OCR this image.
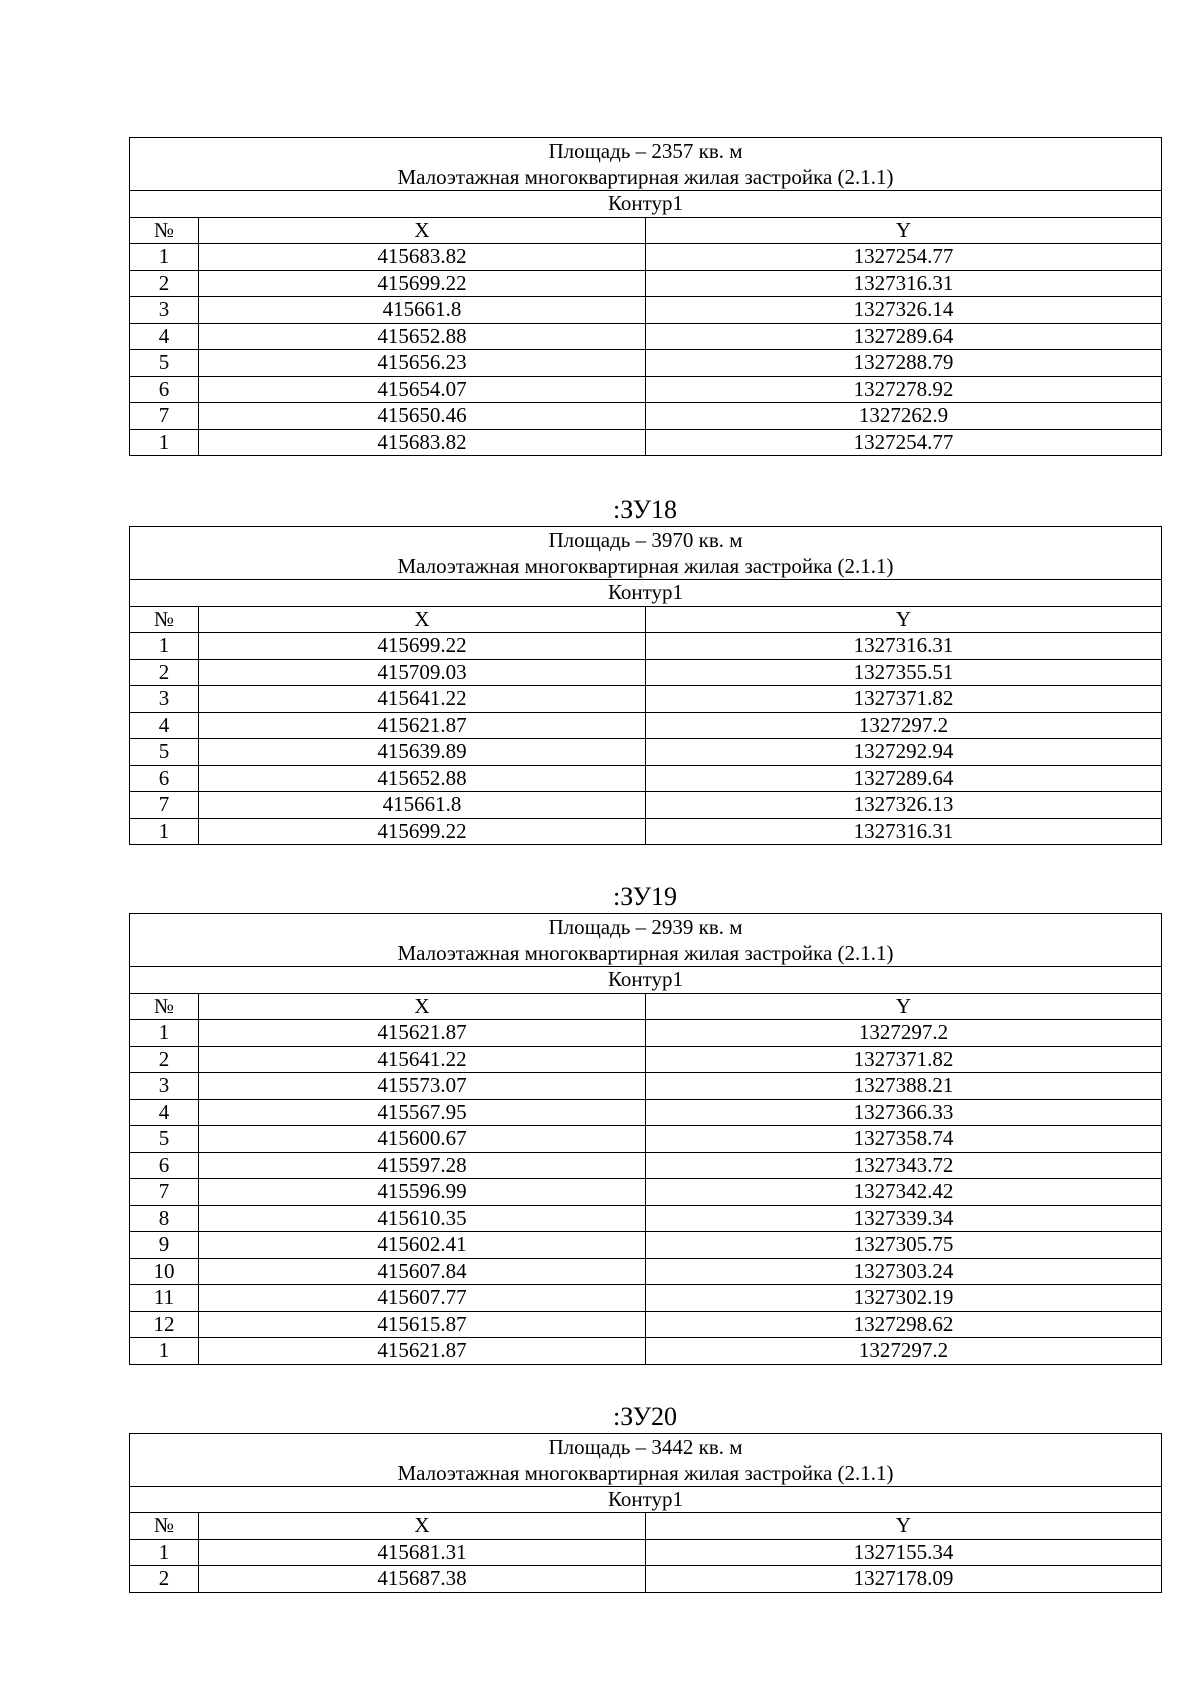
Площадь – 2357 кв. м
Малоэтажная многоквартирная жилая застройка (2.1.1)		

Контур1		
№	X	Y
1	415683.82	1327254.77
2	415699.22	1327316.31
3	415661.8	1327326.14
4	415652.88	1327289.64
5	415656.23	1327288.79
6	415654.07	1327278.92
7	415650.46	1327262.9
1	415683.82	1327254.77
:ЗУ18
Площадь – 3970 кв. м
Малоэтажная многоквартирная жилая застройка (2.1.1)		

Контур1		
№	X	Y
1	415699.22	1327316.31
2	415709.03	1327355.51
3	415641.22	1327371.82
4	415621.87	1327297.2
5	415639.89	1327292.94
6	415652.88	1327289.64
7	415661.8	1327326.13
1	415699.22	1327316.31
:ЗУ19
Площадь – 2939 кв. м
Малоэтажная многоквартирная жилая застройка (2.1.1)		

Контур1		
№	X	Y
1	415621.87	1327297.2
2	415641.22	1327371.82
3	415573.07	1327388.21
4	415567.95	1327366.33
5	415600.67	1327358.74
6	415597.28	1327343.72
7	415596.99	1327342.42
8	415610.35	1327339.34
9	415602.41	1327305.75
10	415607.84	1327303.24
11	415607.77	1327302.19
12	415615.87	1327298.62
1	415621.87	1327297.2
:ЗУ20
Площадь – 3442 кв. м
Малоэтажная многоквартирная жилая застройка (2.1.1)		

Контур1		
№	X	Y
1	415681.31	1327155.34
2	415687.38	1327178.09
